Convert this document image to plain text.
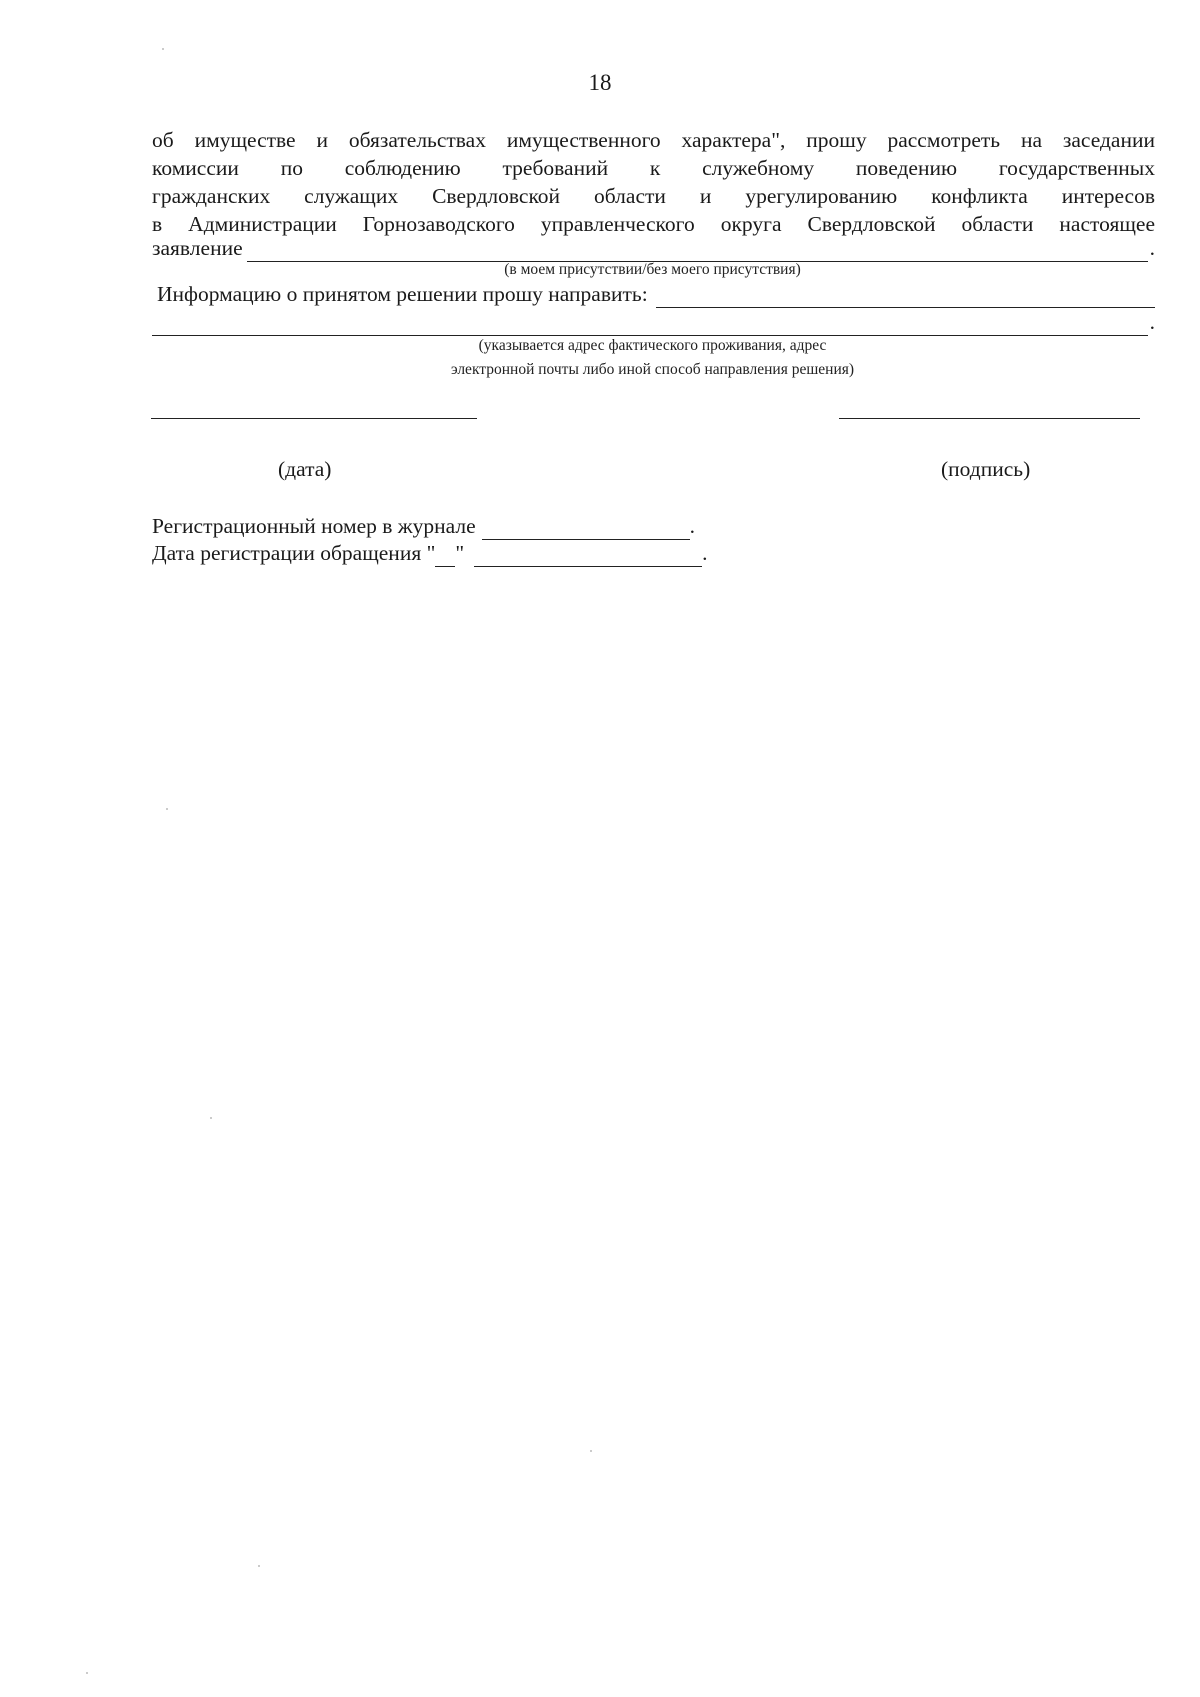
18
об имуществе и обязательствах имущественного характера", прошу рассмотреть на заседании
комиссии по соблюдению требований к служебному поведению государственных
гражданских служащих Свердловской области и урегулированию конфликта интересов
в Администрации Горнозаводского управленческого округа Свердловской области настоящее
заявление	.
(в моем присутствии/без моего присутствия)
Информацию о принятом решении прошу направить:
.
(указывается адрес фактического проживания, адрес
электронной почты либо иной способ направления решения)
(дата)	(подпись)
Регистрационный номер в журнале	.
Дата регистрации обращения " "	.
